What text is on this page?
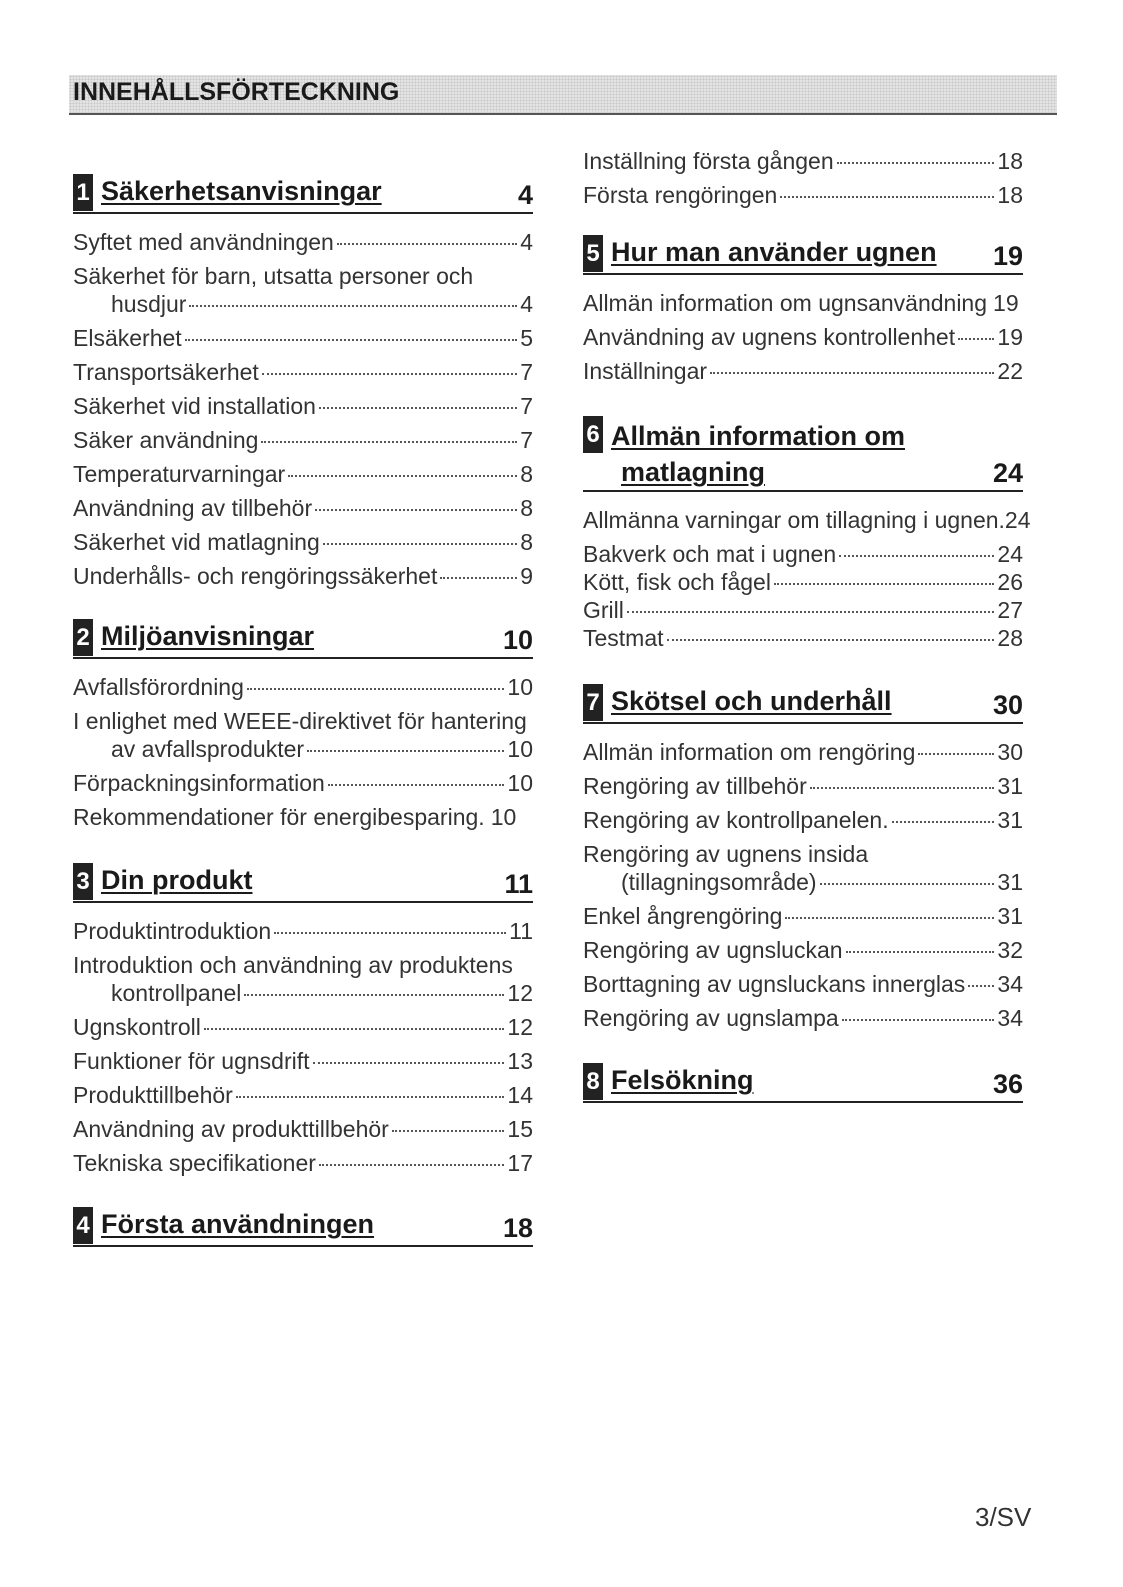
INNEHÅLLSFÖRTECKNING
1 Säkerhetsanvisningar	4
Syftet med användningen	4
Säkerhet för barn, utsatta personer och
husdjur	4
Elsäkerhet	5
Transportsäkerhet	7
Säkerhet vid installation	7
Säker användning	7
Temperaturvarningar	8
Användning av tillbehör	8
Säkerhet vid matlagning	8
Underhålls- och rengöringssäkerhet	9
2 Miljöanvisningar	10
Avfallsförordning	10
I enlighet med WEEE-direktivet för hantering
av avfallsprodukter	10
Förpackningsinformation	10
Rekommendationer för energibesparing. 10
3 Din produkt	11
Produktintroduktion	11
Introduktion och användning av produktens
kontrollpanel	12
Ugnskontroll	12
Funktioner för ugnsdrift	13
Produkttillbehör	14
Användning av produkttillbehör	15
Tekniska specifikationer	17
4 Första användningen	18
Inställning första gången	18
Första rengöringen	18
5 Hur man använder ugnen 19
Allmän information om ugnsanvändning 19
Användning av ugnens kontrollenhet 19
Inställningar	22
6 Allmän information om
matlagning	24
Allmänna varningar om tillagning i ugnen. 24
Bakverk och mat i ugnen	24
Kött, fisk och fågel	26
Grill	27
Testmat	28
7 Skötsel och underhåll	30
Allmän information om rengöring	30
Rengöring av tillbehör	31
Rengöring av kontrollpanelen.	31
Rengöring av ugnens insida
(tillagningsområde)	31
Enkel ångrengöring	31
Rengöring av ugnsluckan	32
Borttagning av ugnsluckans innerglas 34
Rengöring av ugnslampa	34
8 Felsökning	36
3/SV
